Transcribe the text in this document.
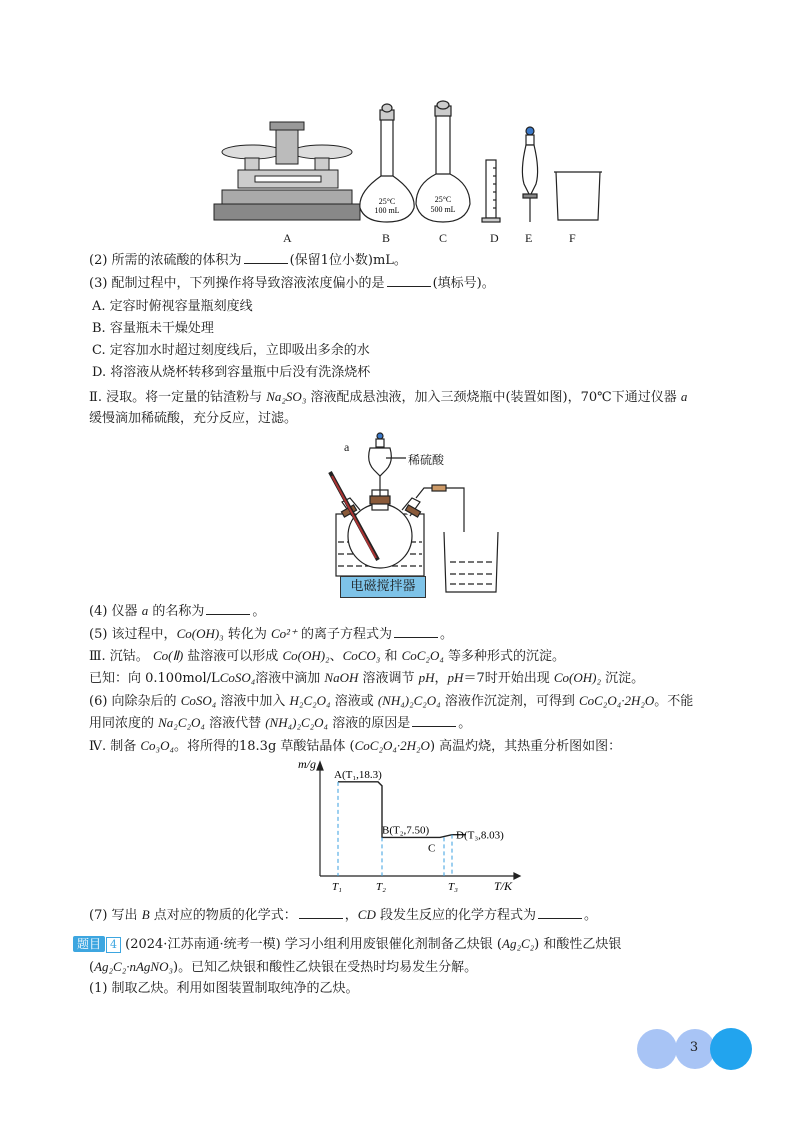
25°C
100 mL
25°C
500 mL
A	B	C	D E	F
(2) 所需的浓硫酸的体积为	(保留1位小数)mL。
(3) 配制过程中，下列操作将导致溶液浓度偏小的是	(填标号)。
A. 定容时俯视容量瓶刻度线
B. 容量瓶未干燥处理
C. 定容加水时超过刻度线后，立即吸出多余的水
D. 将溶液从烧杯转移到容量瓶中后没有洗涤烧杯
Ⅱ. 浸取。将一定量的钴渣粉与 Na₂SO₃ 溶液配成悬浊液，加入三颈烧瓶中(装置如图)，70℃下通过仪器 a
缓慢滴加稀硫酸，充分反应，过滤。
a
稀硫酸
电磁搅拌器
(4) 仪器 a 的名称为	。
(5) 该过程中，Co(OH)₃ 转化为 Co²⁺ 的离子方程式为	。
Ⅲ. 沉钴。 Co(Ⅱ) 盐溶液可以形成 Co(OH)₂、CoCO₃ 和 CoC₂O₄ 等多种形式的沉淀。
已知：向 0.100mol/LCoSO₄溶液中滴加 NaOH 溶液调节 pH，pH＝7时开始出现 Co(OH)₂ 沉淀。
(6) 向除杂后的 CoSO₄ 溶液中加入 H₂C₂O₄ 溶液或 (NH₄)₂C₂O₄ 溶液作沉淀剂，可得到 CoC₂O₄·2H₂O。不能
用同浓度的 Na₂C₂O₄ 溶液代替 (NH₄)₂C₂O₄ 溶液的原因是	。
Ⅳ. 制备 Co₃O₄。将所得的18.3g 草酸钴晶体 (CoC₂O₄·2H₂O) 高温灼烧，其热重分析图如图：
m/g
T/K
A(T₁,18.3)
B(T₂,7.50)
C
D(T₃,8.03)
T₁	T₂	T₃
(7) 写出 B 点对应的物质的化学式：	，CD 段发生反应的化学方程式为	。
题目 4 (2024·江苏南通·统考一模) 学习小组利用废银催化剂制备乙炔银 (Ag₂C₂) 和酸性乙炔银
(Ag₂C₂·nAgNO₃)。已知乙炔银和酸性乙炔银在受热时均易发生分解。
(1) 制取乙炔。利用如图装置制取纯净的乙炔。
3
